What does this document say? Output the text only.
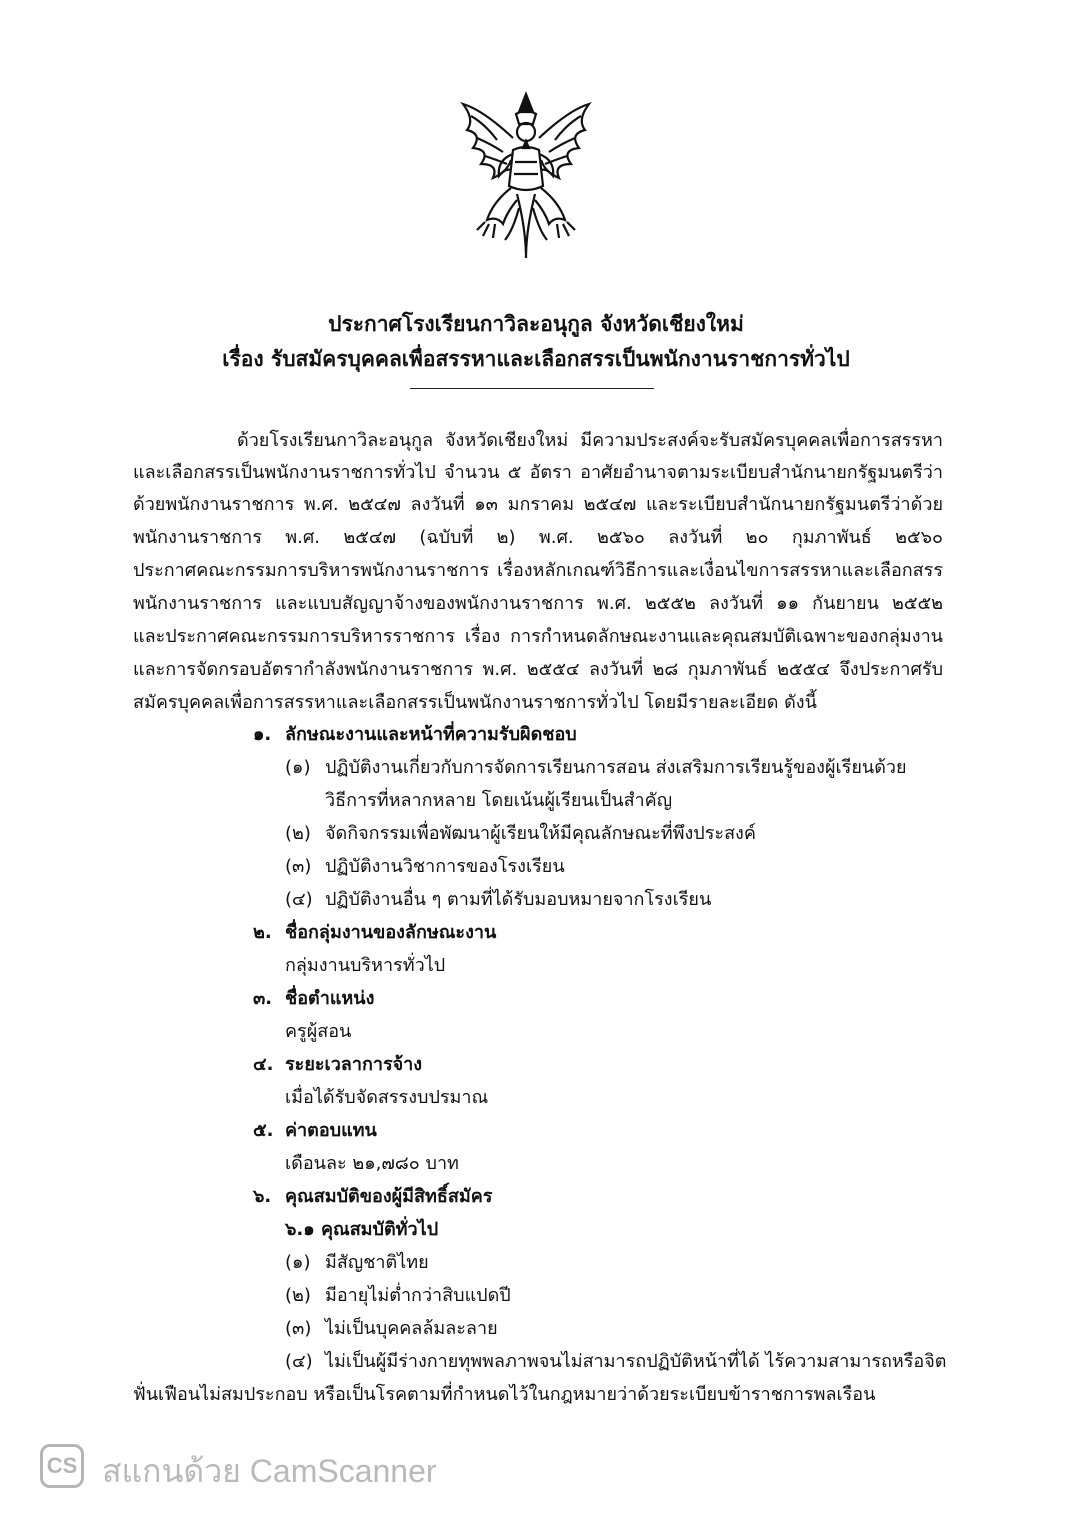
ประกาศโรงเรียนกาวิละอนุกูล จังหวัดเชียงใหม่
เรื่อง รับสมัครบุคคลเพื่อสรรหาและเลือกสรรเป็นพนักงานราชการทั่วไป
ด้วยโรงเรียนกาวิละอนุกูล จังหวัดเชียงใหม่ มีความประสงค์จะรับสมัครบุคคลเพื่อการสรรหา
และเลือกสรรเป็นพนักงานราชการทั่วไป จำนวน ๕ อัตรา อาศัยอำนาจตามระเบียบสำนักนายกรัฐมนตรีว่า
ด้วยพนักงานราชการ พ.ศ. ๒๕๔๗ ลงวันที่ ๑๓ มกราคม ๒๕๔๗ และระเบียบสำนักนายกรัฐมนตรีว่าด้วย
พนักงานราชการ พ.ศ. ๒๕๔๗ (ฉบับที่ ๒) พ.ศ. ๒๕๖๐ ลงวันที่ ๒๐ กุมภาพันธ์ ๒๕๖๐
ประกาศคณะกรรมการบริหารพนักงานราชการ เรื่องหลักเกณฑ์วิธีการและเงื่อนไขการสรรหาและเลือกสรร
พนักงานราชการ และแบบสัญญาจ้างของพนักงานราชการ พ.ศ. ๒๕๕๒ ลงวันที่ ๑๑ กันยายน ๒๕๕๒
และประกาศคณะกรรมการบริหารราชการ เรื่อง การกำหนดลักษณะงานและคุณสมบัติเฉพาะของกลุ่มงาน
และการจัดกรอบอัตรากำลังพนักงานราชการ พ.ศ. ๒๕๕๔ ลงวันที่ ๒๘ กุมภาพันธ์ ๒๕๕๔ จึงประกาศรับ
สมัครบุคคลเพื่อการสรรหาและเลือกสรรเป็นพนักงานราชการทั่วไป โดยมีรายละเอียด ดังนี้
๑. ลักษณะงานและหน้าที่ความรับผิดชอบ
(๑) ปฏิบัติงานเกี่ยวกับการจัดการเรียนการสอน ส่งเสริมการเรียนรู้ของผู้เรียนด้วย
วิธีการที่หลากหลาย โดยเน้นผู้เรียนเป็นสำคัญ
(๒) จัดกิจกรรมเพื่อพัฒนาผู้เรียนให้มีคุณลักษณะที่พึงประสงค์
(๓) ปฏิบัติงานวิชาการของโรงเรียน
(๔) ปฏิบัติงานอื่น ๆ ตามที่ได้รับมอบหมายจากโรงเรียน
๒. ชื่อกลุ่มงานของลักษณะงาน
กลุ่มงานบริหารทั่วไป
๓. ชื่อตำแหน่ง
ครูผู้สอน
๔. ระยะเวลาการจ้าง
เมื่อได้รับจัดสรรงบปรมาณ
๕. ค่าตอบแทน
เดือนละ ๒๑,๗๘๐ บาท
๖. คุณสมบัติของผู้มีสิทธิ์สมัคร
๖.๑ คุณสมบัติทั่วไป
(๑) มีสัญชาติไทย
(๒) มีอายุไม่ต่ำกว่าสิบแปดปี
(๓) ไม่เป็นบุคคลล้มละลาย
(๔) ไม่เป็นผู้มีร่างกายทุพพลภาพจนไม่สามารถปฏิบัติหน้าที่ได้ ไร้ความสามารถหรือจิต
ฟั่นเฟือนไม่สมประกอบ หรือเป็นโรคตามที่กำหนดไว้ในกฎหมายว่าด้วยระเบียบข้าราชการพลเรือน
CS สแกนด้วย CamScanner
